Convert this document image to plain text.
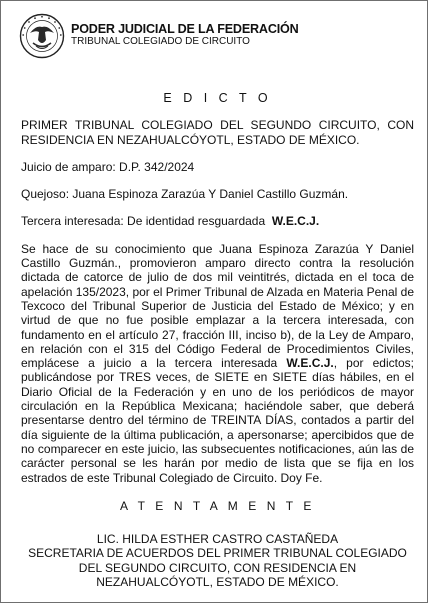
PODER JUDICIAL DE LA FEDERACIÓN
TRIBUNAL COLEGIADO DE CIRCUITO

E D I C T O

PRIMER TRIBUNAL COLEGIADO DEL SEGUNDO CIRCUITO, CON RESIDENCIA EN NEZAHUALCÓYOTL, ESTADO DE MÉXICO.

Juicio de amparo: D.P. 342/2024

Quejoso: Juana Espinoza Zarazúa Y Daniel Castillo Guzmán.

Tercera interesada: De identidad resguardada W.E.C.J.

Se hace de su conocimiento que Juana Espinoza Zarazúa Y Daniel Castillo Guzmán., promovieron amparo directo contra la resolución dictada de catorce de julio de dos mil veintitrés, dictada en el toca de apelación 135/2023, por el Primer Tribunal de Alzada en Materia Penal de Texcoco del Tribunal Superior de Justicia del Estado de México; y en virtud de que no fue posible emplazar a la tercera interesada, con fundamento en el artículo 27, fracción III, inciso b), de la Ley de Amparo, en relación con el 315 del Código Federal de Procedimientos Civiles, emplácese a juicio a la tercera interesada W.E.C.J., por edictos; publicándose por TRES veces, de SIETE en SIETE días hábiles, en el Diario Oficial de la Federación y en uno de los periódicos de mayor circulación en la República Mexicana; haciéndole saber, que deberá presentarse dentro del término de TREINTA DÍAS, contados a partir del día siguiente de la última publicación, a apersonarse; apercibidos que de no comparecer en este juicio, las subsecuentes notificaciones, aún las de carácter personal se les harán por medio de lista que se fija en los estrados de este Tribunal Colegiado de Circuito. Doy Fe.

A T E N T A M E N T E

LIC. HILDA ESTHER CASTRO CASTAÑEDA

SECRETARIA DE ACUERDOS DEL PRIMER TRIBUNAL COLEGIADO DEL SEGUNDO CIRCUITO, CON RESIDENCIA EN NEZAHUALCÓYOTL, ESTADO DE MÉXICO.
